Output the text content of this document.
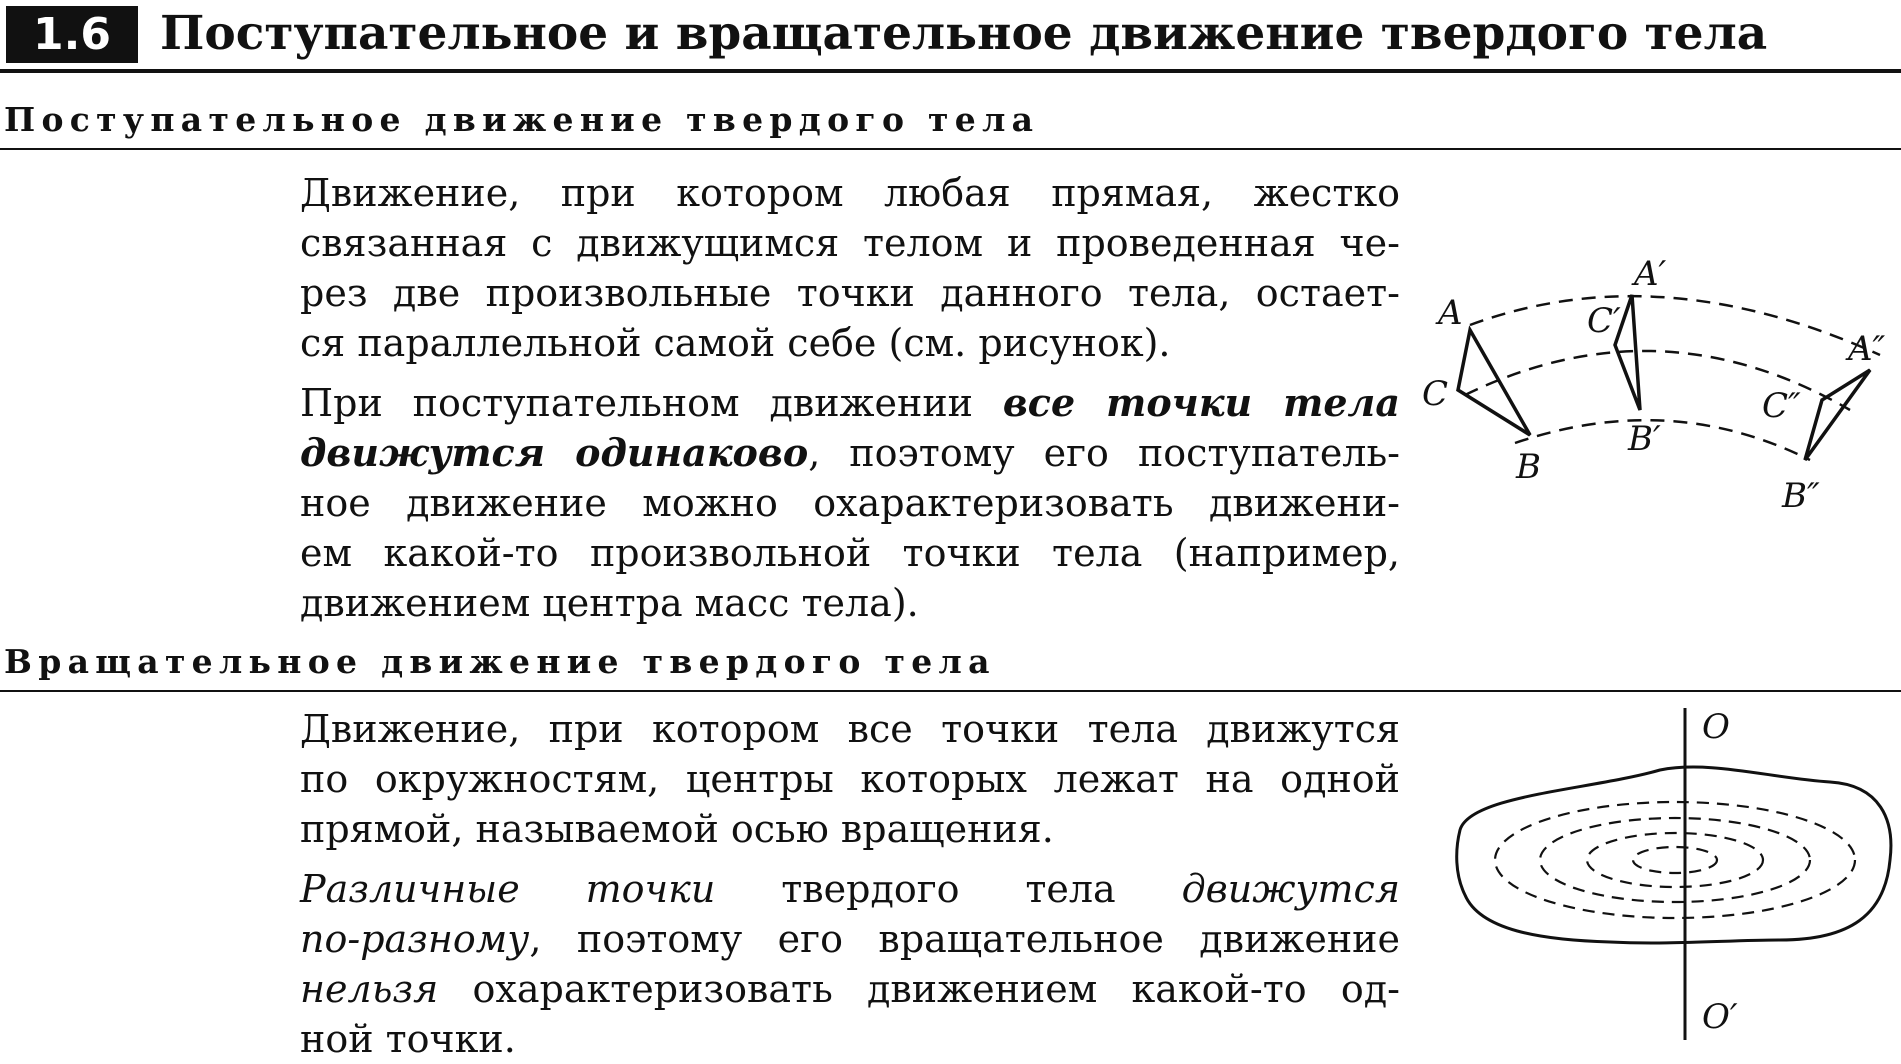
1.6	Поступательное и вращательное движение твердого тела
Поступательное движение твердого тела
Движение, при котором любая прямая, жестко
связанная с движущимся телом и проведенная че-
рез две произвольные точки данного тела, остает-
ся параллельной самой себе (см. рисунок).
При поступательном движении все точки тела
движутся одинаково, поэтому его поступатель-
ное движение можно охарактеризовать движени-
ем какой-то произвольной точки тела (например,
движением центра масс тела).
A
B
C
A′
B′
C′
A″
B″
C″
Вращательное движение твердого тела
Движение, при котором все точки тела движутся
по окружностям, центры которых лежат на одной
прямой, называемой осью вращения.
Различные точки твердого тела движутся
по-разному, поэтому его вращательное движение
нельзя охарактеризовать движением какой-то од-
ной точки.
O
O′
